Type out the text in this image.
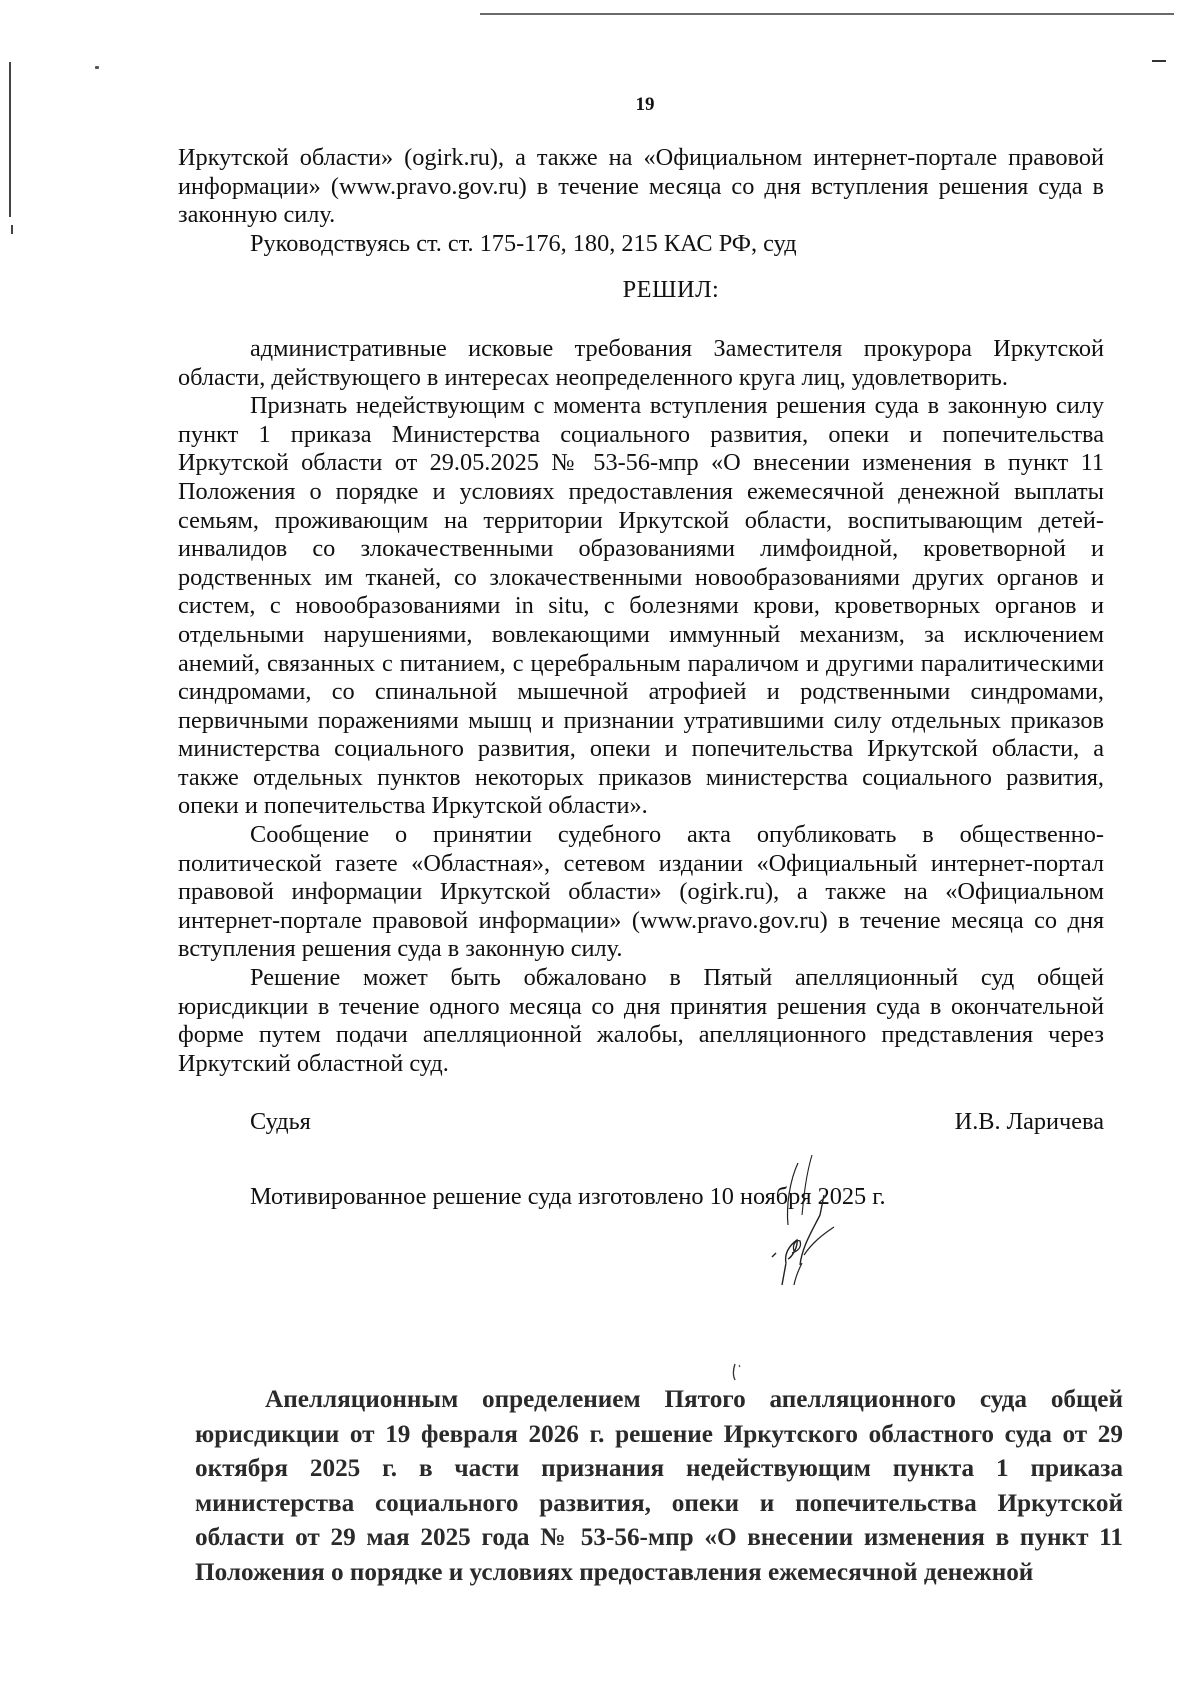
19

Иркутской области» (ogirk.ru), а также на «Официальном интернет-портале правовой информации» (www.pravo.gov.ru) в течение месяца со дня вступления решения суда в законную силу.

Руководствуясь ст. ст. 175-176, 180, 215 КАС РФ, суд

РЕШИЛ:

административные исковые требования Заместителя прокурора Иркутской области, действующего в интересах неопределенного круга лиц, удовлетворить.

Признать недействующим с момента вступления решения суда в законную силу пункт 1 приказа Министерства социального развития, опеки и попечительства Иркутской области от 29.05.2025 № 53-56-мпр «О внесении изменения в пункт 11 Положения о порядке и условиях предоставления ежемесячной денежной выплаты семьям, проживающим на территории Иркутской области, воспитывающим детей-инвалидов со злокачественными образованиями лимфоидной, кроветворной и родственных им тканей, со злокачественными новообразованиями других органов и систем, с новообразованиями in situ, с болезнями крови, кроветворных органов и отдельными нарушениями, вовлекающими иммунный механизм, за исключением анемий, связанных с питанием, с церебральным параличом и другими паралитическими синдромами, со спинальной мышечной атрофией и родственными синдромами, первичными поражениями мышц и признании утратившими силу отдельных приказов министерства социального развития, опеки и попечительства Иркутской области, а также отдельных пунктов некоторых приказов министерства социального развития, опеки и попечительства Иркутской области».

Сообщение о принятии судебного акта опубликовать в общественно-политической газете «Областная», сетевом издании «Официальный интернет-портал правовой информации Иркутской области» (ogirk.ru), а также на «Официальном интернет-портале правовой информации» (www.pravo.gov.ru) в течение месяца со дня вступления решения суда в законную силу.

Решение может быть обжаловано в Пятый апелляционный суд общей юрисдикции в течение одного месяца со дня принятия решения суда в окончательной форме путем подачи апелляционной жалобы, апелляционного представления через Иркутский областной суд.

Судья	И.В. Ларичева

Мотивированное решение суда изготовлено 10 ноября 2025 г.

Апелляционным определением Пятого апелляционного суда общей юрисдикции от 19 февраля 2026 г. решение Иркутского областного суда от 29 октября 2025 г. в части признания недействующим пункта 1 приказа министерства социального развития, опеки и попечительства Иркутской области от 29 мая 2025 года № 53-56-мпр «О внесении изменения в пункт 11 Положения о порядке и условиях предоставления ежемесячной денежной
